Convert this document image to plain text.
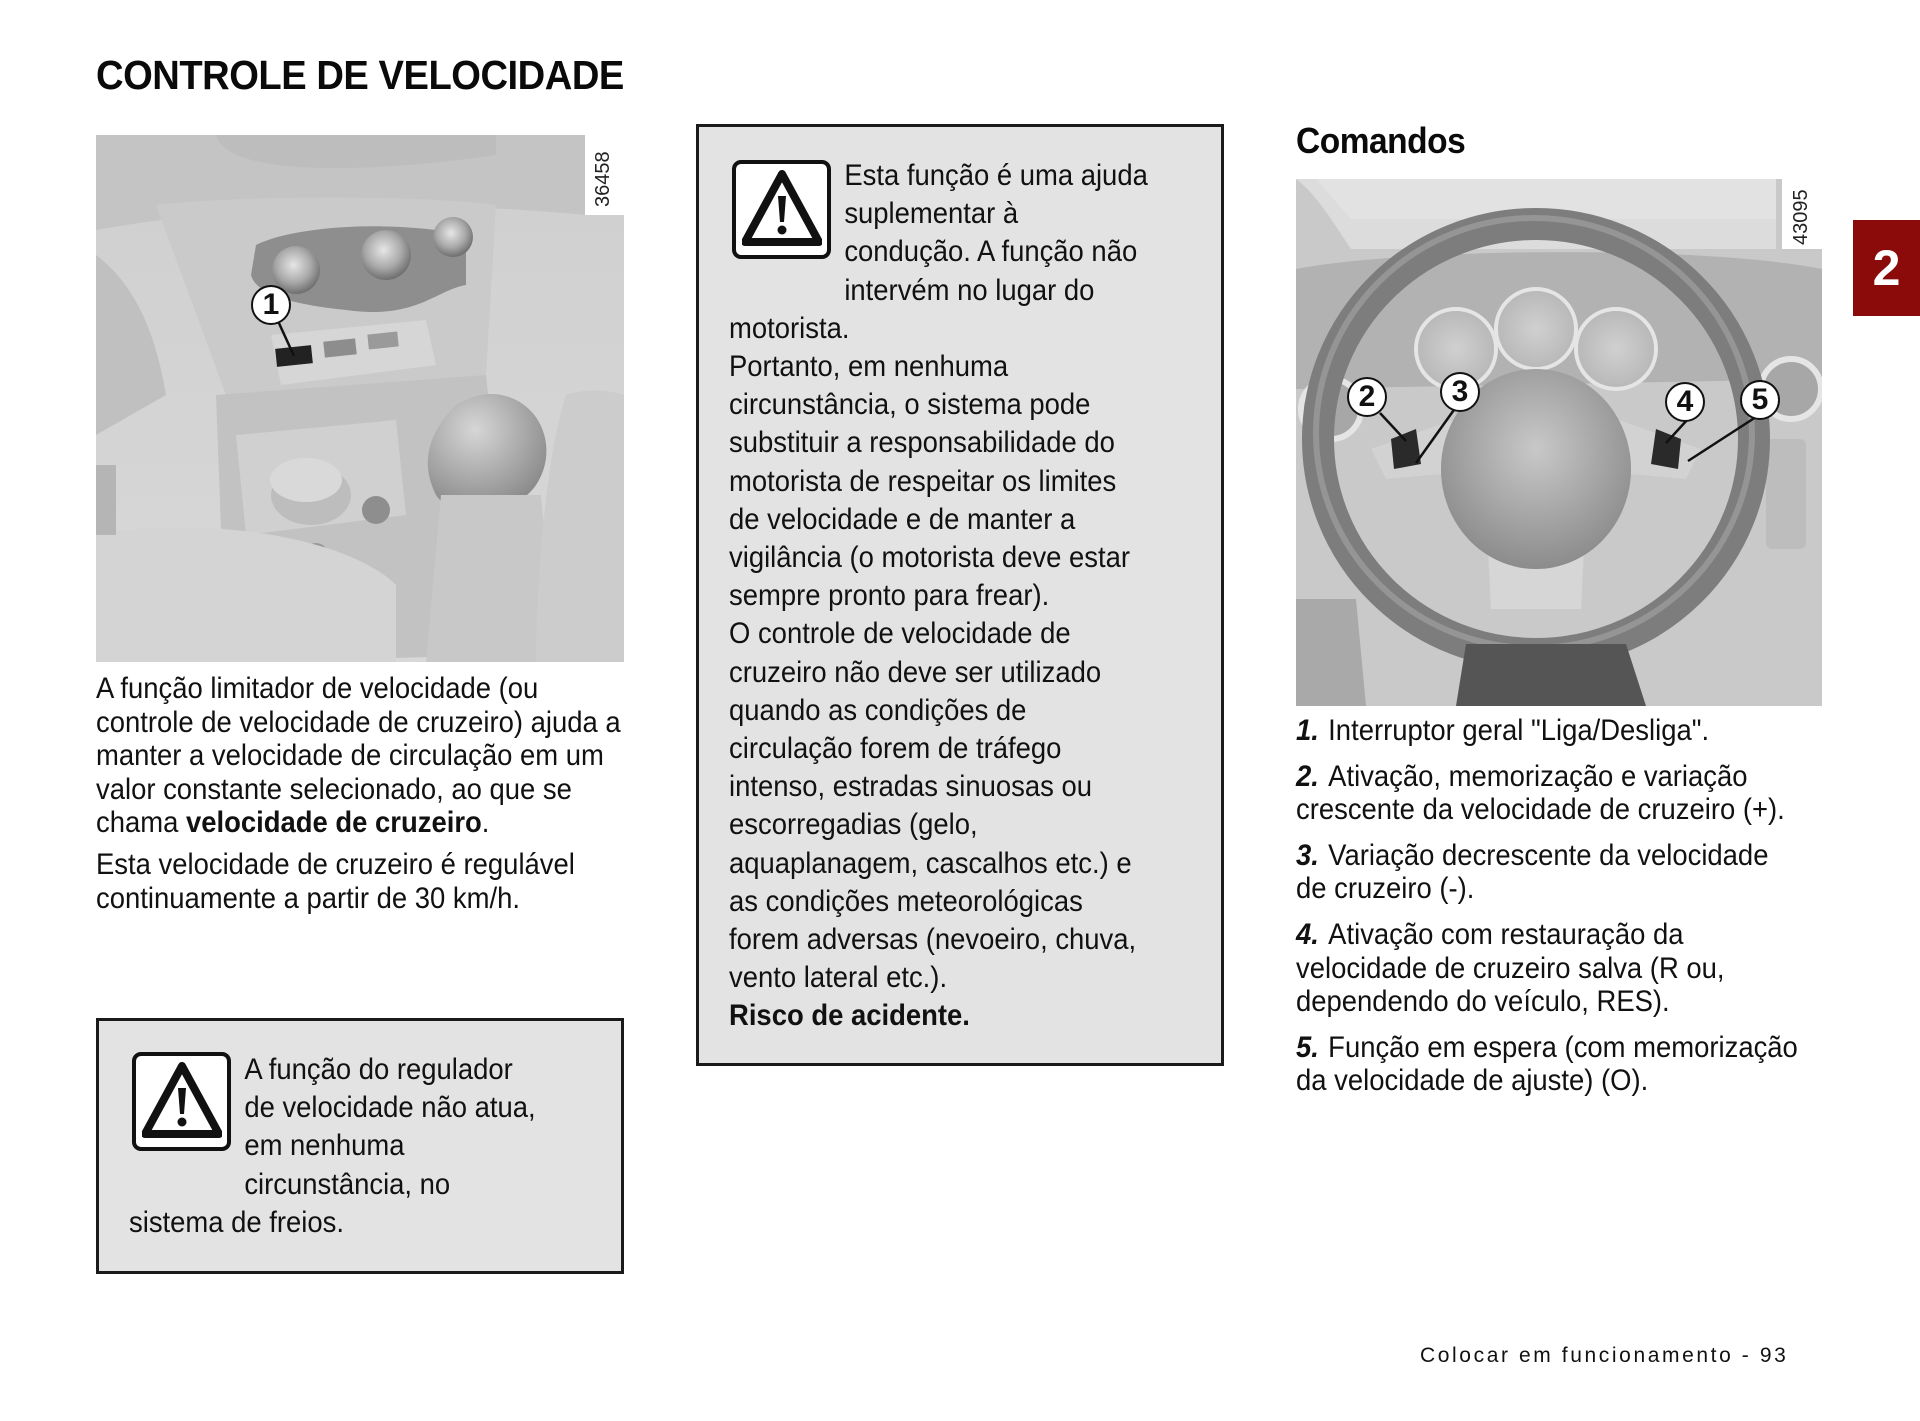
CONTROLE DE VELOCIDADE
2
1
36458

A função limitador de velocidade (ou controle de velocidade de cruzeiro) ajuda a manter a velocidade de circulação em um valor constante selecionado, ao que se chama velocidade de cruzeiro.

Esta velocidade de cruzeiro é regulável continuamente a partir de 30 km/h.

A função do regulador
de velocidade não atua,
em nenhuma
circunstância, no
sistema de freios.
Esta função é uma ajuda
suplementar à
condução. A função não
intervém no lugar do
motorista.
Portanto, em nenhuma
circunstância, o sistema pode
substituir a responsabilidade do
motorista de respeitar os limites
de velocidade e de manter a
vigilância (o motorista deve estar
sempre pronto para frear).
O controle de velocidade de
cruzeiro não deve ser utilizado
quando as condições de
circulação forem de tráfego
intenso, estradas sinuosas ou
escorregadias (gelo,
aquaplanagem, cascalhos etc.) e
as condições meteorológicas
forem adversas (nevoeiro, chuva,
vento lateral etc.).
Risco de acidente.
Comandos
2	3	4	5
43095
1. Interruptor geral "Liga/Desliga".
2. Ativação, memorização e variação crescente da velocidade de cruzeiro (+).
3. Variação decrescente da velocidade de cruzeiro (-).
4. Ativação com restauração da velocidade de cruzeiro salva (R ou, dependendo do veículo, RES).
5. Função em espera (com memorização da velocidade de ajuste) (O).
Colocar em funcionamento - 93
